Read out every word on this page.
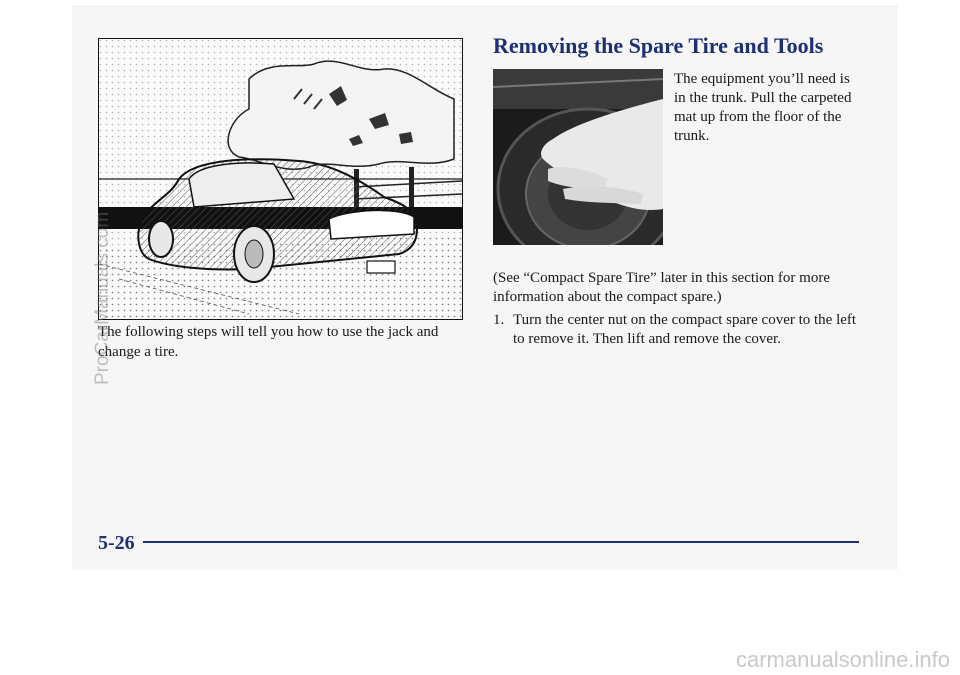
The following steps will tell you how to use the jack and change a tire.

Removing the Spare Tire and Tools

The equipment you’ll need is in the trunk. Pull the carpeted mat up from the floor of the trunk.

(See “Compact Spare Tire” later in this section for more information about the compact spare.)

1. Turn the center nut on the compact spare cover to the left to remove it. Then lift and remove the cover.

5-26

ProCarManuals.com
carmanualsonline.info
